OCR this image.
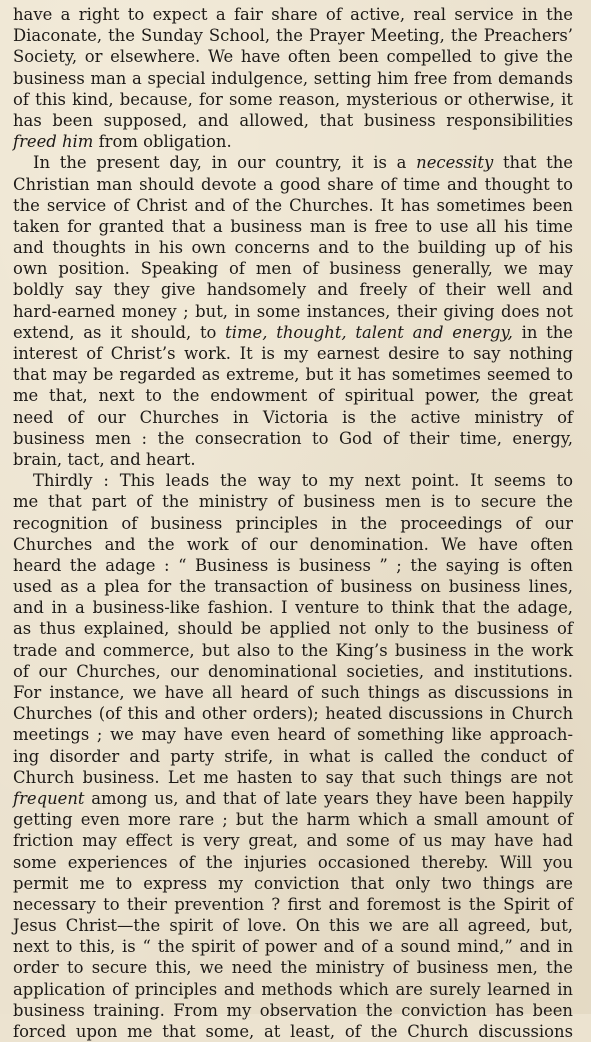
have a right to expect a fair share of active, real service in the
Diaconate, the Sunday School, the Prayer Meeting, the Preachers’
Society, or elsewhere. We have often been compelled to give the
business man a special indulgence, setting him free from demands
of this kind, because, for some reason, mysterious or otherwise, it
has been supposed, and allowed, that business responsibilities
freed him from obligation.
In the present day, in our country, it is a necessity that the
Christian man should devote a good share of time and thought to
the service of Christ and of the Churches. It has sometimes been
taken for granted that a business man is free to use all his time
and thoughts in his own concerns and to the building up of his
own position. Speaking of men of business generally, we may
boldly say they give handsomely and freely of their well and
hard-earned money ; but, in some instances, their giving does not
extend, as it should, to time, thought, talent and energy, in the
interest of Christ’s work. It is my earnest desire to say nothing
that may be regarded as extreme, but it has sometimes seemed to
me that, next to the endowment of spiritual power, the great
need of our Churches in Victoria is the active ministry of
business men : the consecration to God of their time, energy,
brain, tact, and heart.
Thirdly : This leads the way to my next point. It seems to
me that part of the ministry of business men is to secure the
recognition of business principles in the proceedings of our
Churches and the work of our denomination. We have often
heard the adage : “ Business is business ” ; the saying is often
used as a plea for the transaction of business on business lines,
and in a business-like fashion. I venture to think that the adage,
as thus explained, should be applied not only to the business of
trade and commerce, but also to the King’s business in the work
of our Churches, our denominational societies, and institutions.
For instance, we have all heard of such things as discussions in
Churches (of this and other orders); heated discussions in Church
meetings ; we may have even heard of something like approach-
ing disorder and party strife, in what is called the conduct of
Church business. Let me hasten to say that such things are not
frequent among us, and that of late years they have been happily
getting even more rare ; but the harm which a small amount of
friction may effect is very great, and some of us may have had
some experiences of the injuries occasioned thereby. Will you
permit me to express my conviction that only two things are
necessary to their prevention ? first and foremost is the Spirit of
Jesus Christ—the spirit of love. On this we are all agreed, but,
next to this, is “ the spirit of power and of a sound mind,” and in
order to secure this, we need the ministry of business men, the
application of principles and methods which are surely learned in
business training. From my observation the conviction has been
forced upon me that some, at least, of the Church discussions
